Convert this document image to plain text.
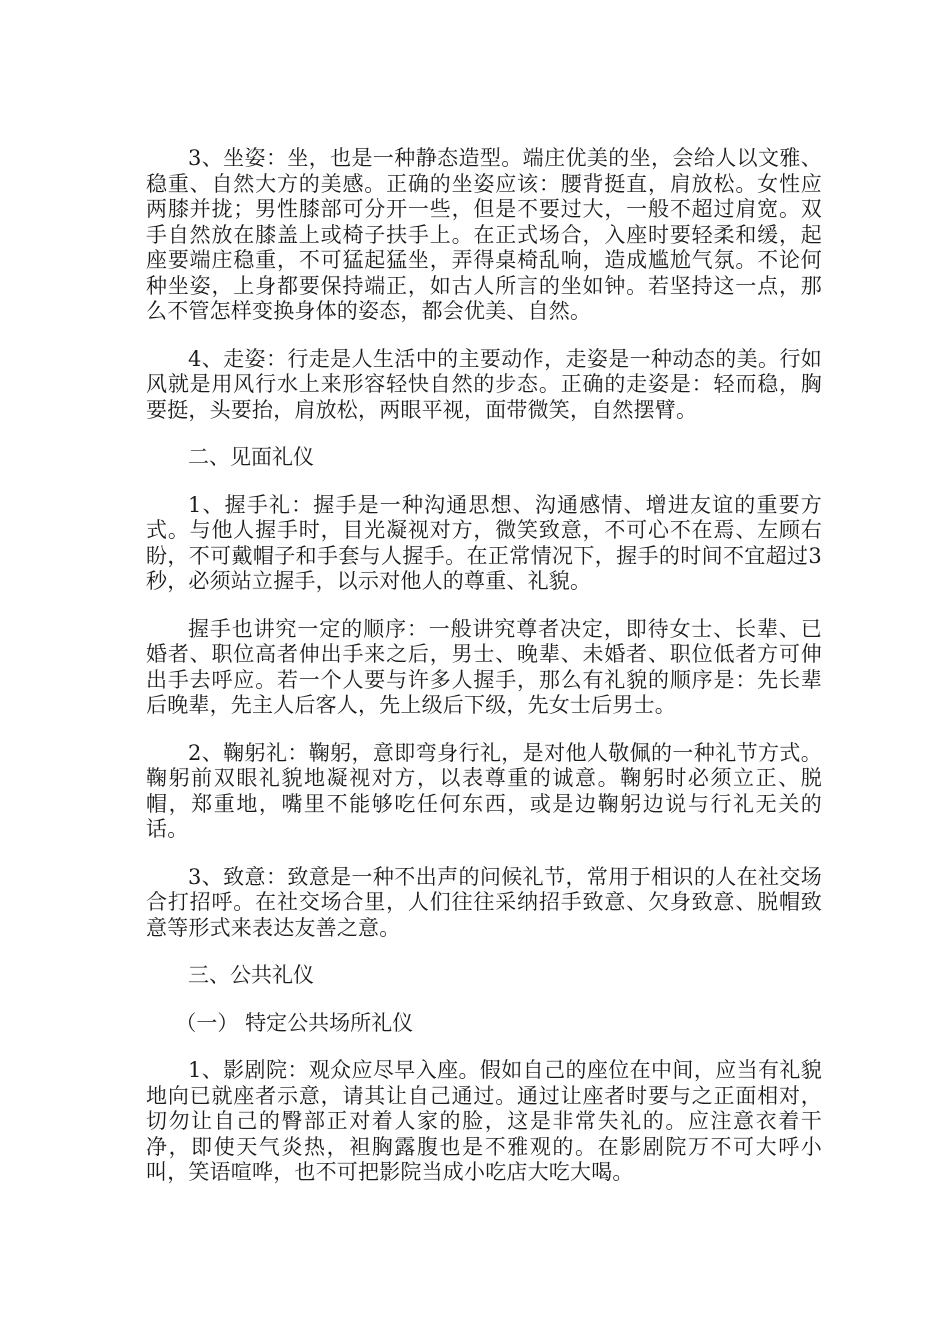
3、坐姿：坐，也是一种静态造型。端庄优美的坐，会给人以文雅、稳重、自然大方的美感。正确的坐姿应该：腰背挺直，肩放松。女性应两膝并拢；男性膝部可分开一些，但是不要过大，一般不超过肩宽。双手自然放在膝盖上或椅子扶手上。在正式场合，入座时要轻柔和缓，起座要端庄稳重，不可猛起猛坐，弄得桌椅乱响，造成尴尬气氛。不论何种坐姿，上身都要保持端正，如古人所言的坐如钟。若坚持这一点，那么不管怎样变换身体的姿态，都会优美、自然。

4、走姿：行走是人生活中的主要动作，走姿是一种动态的美。行如风就是用风行水上来形容轻快自然的步态。正确的走姿是：轻而稳，胸要挺，头要抬，肩放松，两眼平视，面带微笑，自然摆臂。

二、见面礼仪

1、握手礼：握手是一种沟通思想、沟通感情、增进友谊的重要方式。与他人握手时，目光凝视对方，微笑致意，不可心不在焉、左顾右盼，不可戴帽子和手套与人握手。在正常情况下，握手的时间不宜超过3秒，必须站立握手，以示对他人的尊重、礼貌。

握手也讲究一定的顺序：一般讲究尊者决定，即待女士、长辈、已婚者、职位高者伸出手来之后，男士、晚辈、未婚者、职位低者方可伸出手去呼应。若一个人要与许多人握手，那么有礼貌的顺序是：先长辈后晚辈，先主人后客人，先上级后下级，先女士后男士。

2、鞠躬礼：鞠躬，意即弯身行礼，是对他人敬佩的一种礼节方式。鞠躬前双眼礼貌地凝视对方，以表尊重的诚意。鞠躬时必须立正、脱帽，郑重地，嘴里不能够吃任何东西，或是边鞠躬边说与行礼无关的话。

3、致意：致意是一种不出声的问候礼节，常用于相识的人在社交场合打招呼。在社交场合里，人们往往采纳招手致意、欠身致意、脱帽致意等形式来表达友善之意。

三、公共礼仪

（一） 特定公共场所礼仪

1、影剧院：观众应尽早入座。假如自己的座位在中间，应当有礼貌地向已就座者示意，请其让自己通过。通过让座者时要与之正面相对，切勿让自己的臀部正对着人家的脸，这是非常失礼的。应注意衣着干净，即使天气炎热，袒胸露腹也是不雅观的。在影剧院万不可大呼小叫，笑语喧哗，也不可把影院当成小吃店大吃大喝。
